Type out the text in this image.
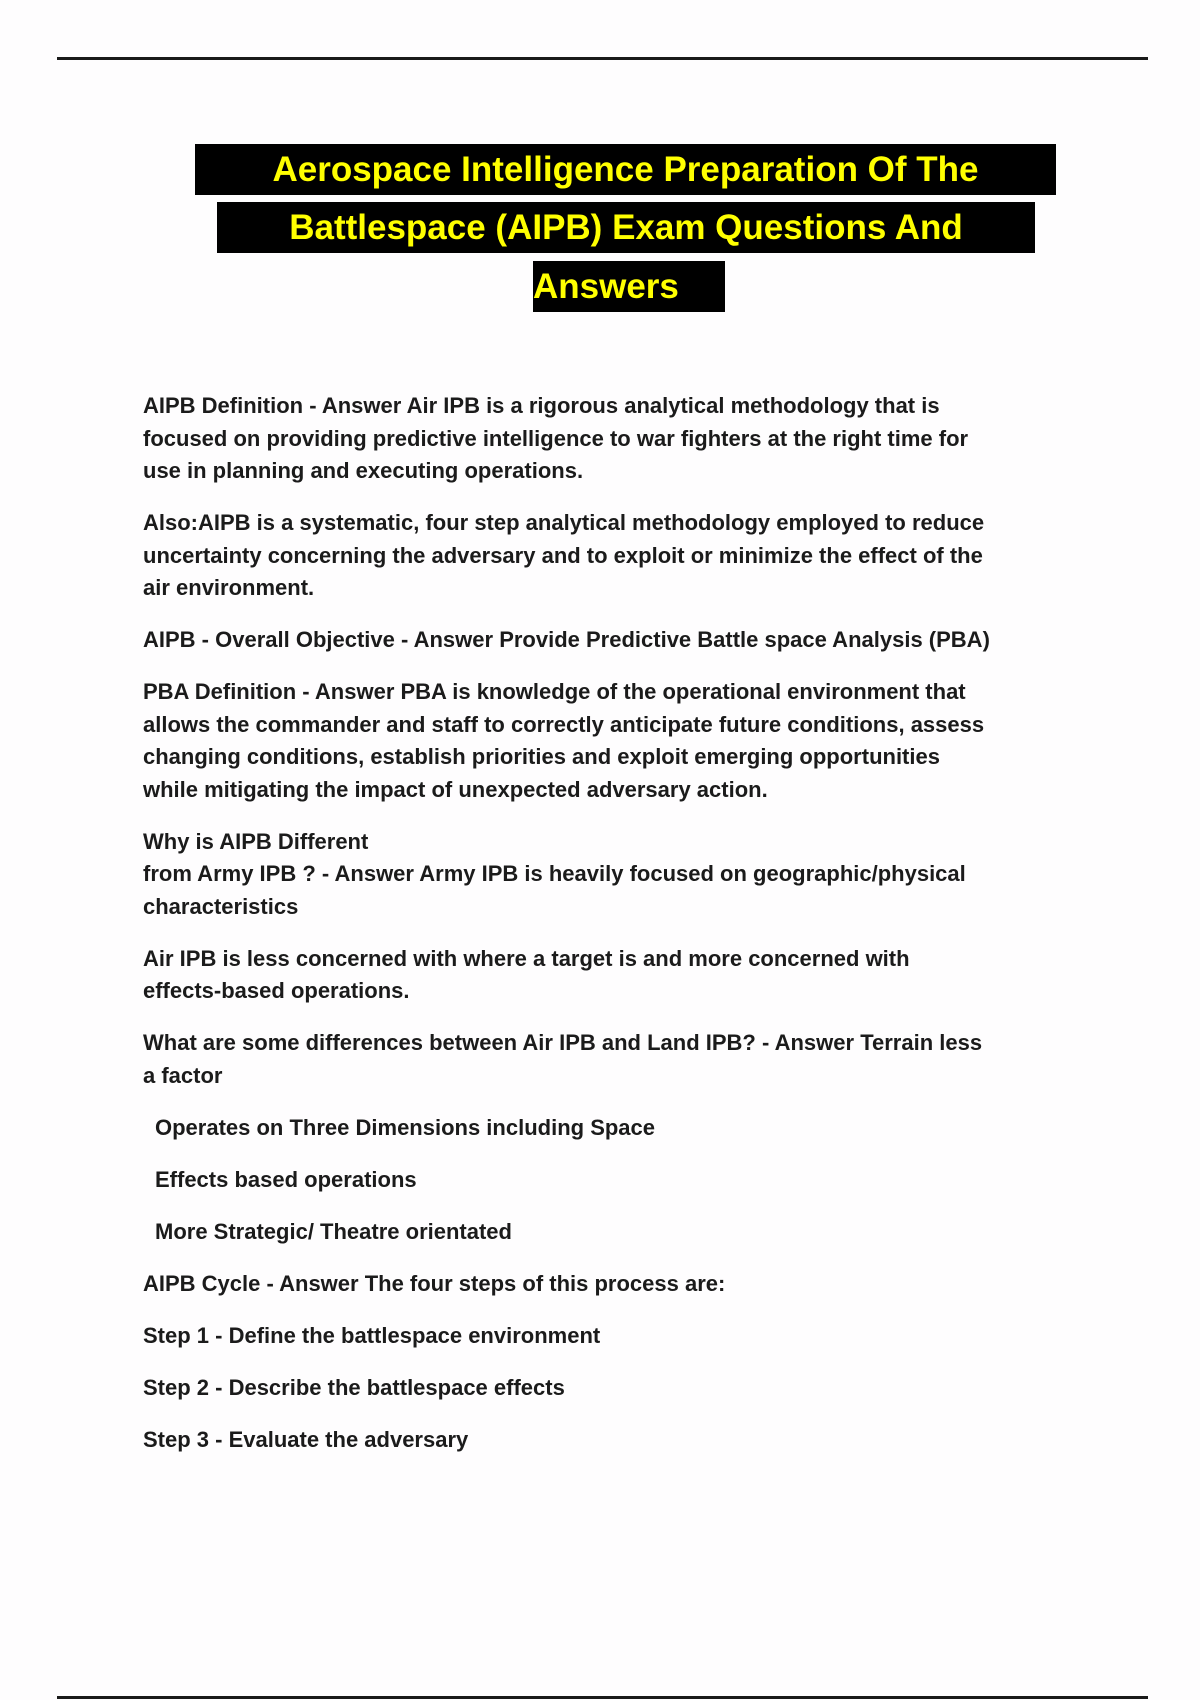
Aerospace Intelligence Preparation Of The
Battlespace (AIPB) Exam Questions And
Answers
AIPB Definition - Answer Air IPB is a rigorous analytical methodology that is
focused on providing predictive intelligence to war fighters at the right time for
use in planning and executing operations.
Also:AIPB is a systematic, four step analytical methodology employed to reduce
uncertainty concerning the adversary and to exploit or minimize the effect of the
air environment.
AIPB - Overall Objective - Answer Provide Predictive Battle space Analysis (PBA)
PBA Definition - Answer PBA is knowledge of the operational environment that
allows the commander and staff to correctly anticipate future conditions, assess
changing conditions, establish priorities and exploit emerging opportunities
while mitigating the impact of unexpected adversary action.
Why is AIPB Different
from Army IPB ? - Answer Army IPB is heavily focused on geographic/physical
characteristics
Air IPB is less concerned with where a target is and more concerned with
effects-based operations.
What are some differences between Air IPB and Land IPB? - Answer Terrain less
a factor
Operates on Three Dimensions including Space
Effects based operations
More Strategic/ Theatre orientated
AIPB Cycle - Answer The four steps of this process are:
Step 1 - Define the battlespace environment
Step 2 - Describe the battlespace effects
Step 3 - Evaluate the adversary
